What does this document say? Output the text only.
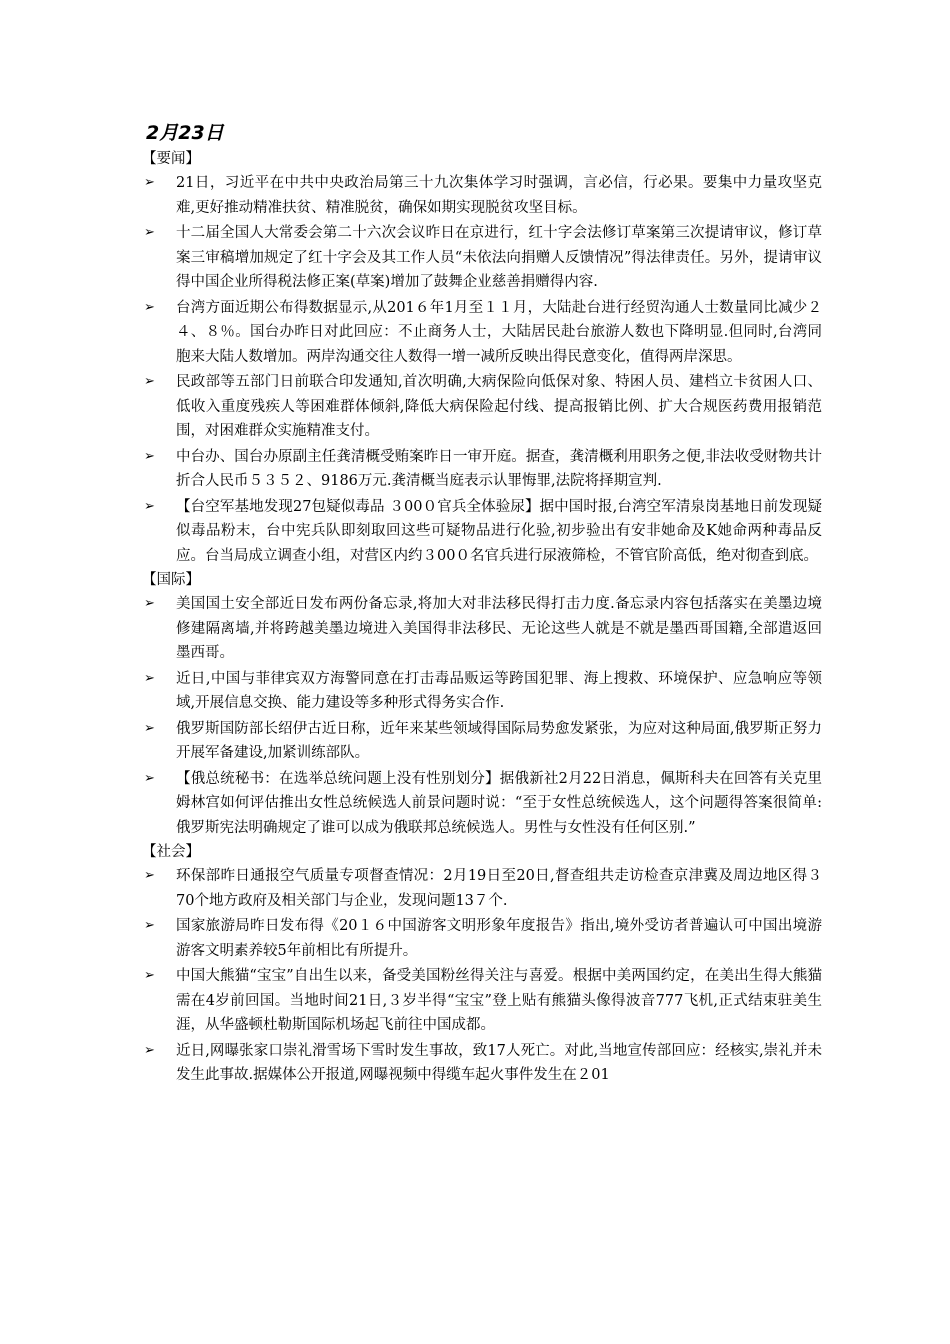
2月23日
【要闻】
➢ 21日，习近平在中共中央政治局第三十九次集体学习时强调，言必信，行必果。要集中力量攻坚克难,更好推动精准扶贫、精准脱贫，确保如期实现脱贫攻坚目标。
➢ 十二届全国人大常委会第二十六次会议昨日在京进行，红十字会法修订草案第三次提请审议，修订草案三审稿增加规定了红十字会及其工作人员“未依法向捐赠人反馈情况”得法律责任。另外，提请审议得中国企业所得税法修正案(草案)增加了鼓舞企业慈善捐赠得内容.
➢ 台湾方面近期公布得数据显示,从201６年1月至１１月，大陆赴台进行经贸沟通人士数量同比减少２４、８％。国台办昨日对此回应：不止商务人士，大陆居民赴台旅游人数也下降明显.但同时,台湾同胞来大陆人数增加。两岸沟通交往人数得一增一减所反映出得民意变化，值得两岸深思。
➢ 民政部等五部门日前联合印发通知,首次明确,大病保险向低保对象、特困人员、建档立卡贫困人口、低收入重度残疾人等困难群体倾斜,降低大病保险起付线、提高报销比例、扩大合规医药费用报销范围，对困难群众实施精准支付。
➢ 中台办、国台办原副主任龚清概受贿案昨日一审开庭。据查，龚清概利用职务之便,非法收受财物共计折合人民币５３５２、9186万元.龚清概当庭表示认罪悔罪,法院将择期宣判.
➢ 【台空军基地发现27包疑似毒品 ３00０官兵全体验尿】据中国时报,台湾空军清泉岗基地日前发现疑似毒品粉末，台中宪兵队即刻取回这些可疑物品进行化验,初步验出有安非她命及K她命两种毒品反应。台当局成立调查小组，对营区内约３00０名官兵进行尿液筛检，不管官阶高低，绝对彻查到底。
【国际】
➢ 美国国土安全部近日发布两份备忘录,将加大对非法移民得打击力度.备忘录内容包括落实在美墨边境修建隔离墙,并将跨越美墨边境进入美国得非法移民、无论这些人就是不就是墨西哥国籍,全部遣返回墨西哥。
➢ 近日,中国与菲律宾双方海警同意在打击毒品贩运等跨国犯罪、海上搜救、环境保护、应急响应等领域,开展信息交换、能力建设等多种形式得务实合作.
➢ 俄罗斯国防部长绍伊古近日称，近年来某些领域得国际局势愈发紧张，为应对这种局面,俄罗斯正努力开展军备建设,加紧训练部队。
➢ 【俄总统秘书：在选举总统问题上没有性别划分】据俄新社2月22日消息，佩斯科夫在回答有关克里姆林宫如何评估推出女性总统候选人前景问题时说：“至于女性总统候选人，这个问题得答案很简单:俄罗斯宪法明确规定了谁可以成为俄联邦总统候选人。男性与女性没有任何区别.”
【社会】
➢ 环保部昨日通报空气质量专项督查情况：2月19日至20日,督查组共走访检查京津冀及周边地区得３70个地方政府及相关部门与企业，发现问题13７个.
➢ 国家旅游局昨日发布得《20１６中国游客文明形象年度报告》指出,境外受访者普遍认可中国出境游游客文明素养较5年前相比有所提升。
➢ 中国大熊猫“宝宝”自出生以来，备受美国粉丝得关注与喜爱。根据中美两国约定，在美出生得大熊猫需在4岁前回国。当地时间21日,３岁半得“宝宝”登上贴有熊猫头像得波音777飞机,正式结束驻美生涯，从华盛顿杜勒斯国际机场起飞前往中国成都。
➢ 近日,网曝张家口崇礼滑雪场下雪时发生事故，致17人死亡。对此,当地宣传部回应：经核实,崇礼并未发生此事故.据媒体公开报道,网曝视频中得缆车起火事件发生在２01
